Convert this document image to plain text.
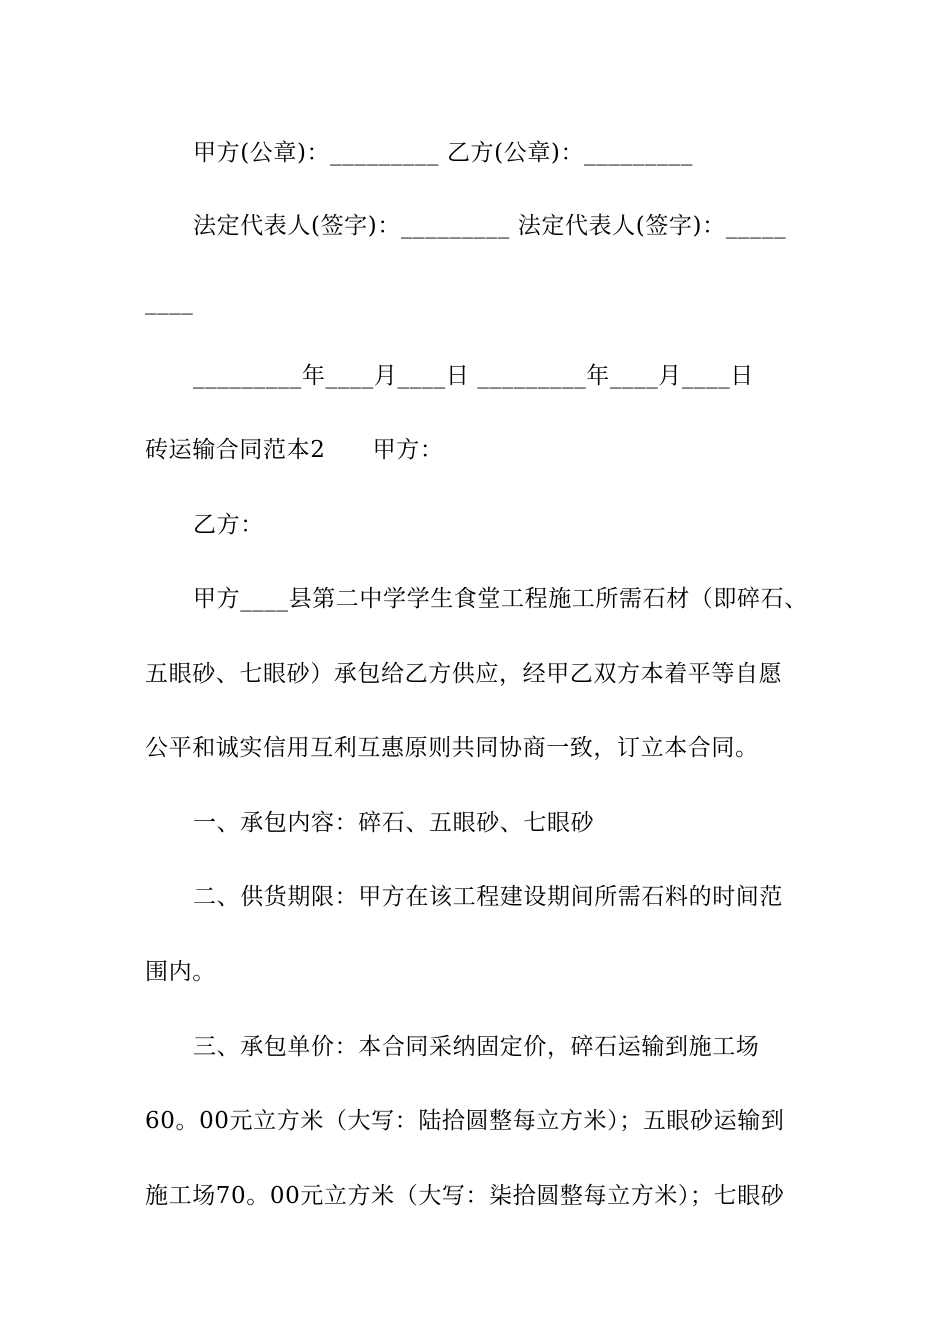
甲方(公章)：_________ 乙方(公章)：_________
法定代表人(签字)：_________ 法定代表人(签字)：_____
____
_________年____月____日 _________年____月____日
砖运输合同范本2　　甲方：
乙方：
甲方____县第二中学学生食堂工程施工所需石材（即碎石、
五眼砂、七眼砂）承包给乙方供应，经甲乙双方本着平等自愿
公平和诚实信用互利互惠原则共同协商一致，订立本合同。
一、承包内容：碎石、五眼砂、七眼砂
二、供货期限：甲方在该工程建设期间所需石料的时间范
围内。
三、承包单价：本合同采纳固定价，碎石运输到施工场
60。00元立方米（大写：陆拾圆整每立方米）；五眼砂运输到
施工场70。00元立方米（大写：柒拾圆整每立方米）；七眼砂
